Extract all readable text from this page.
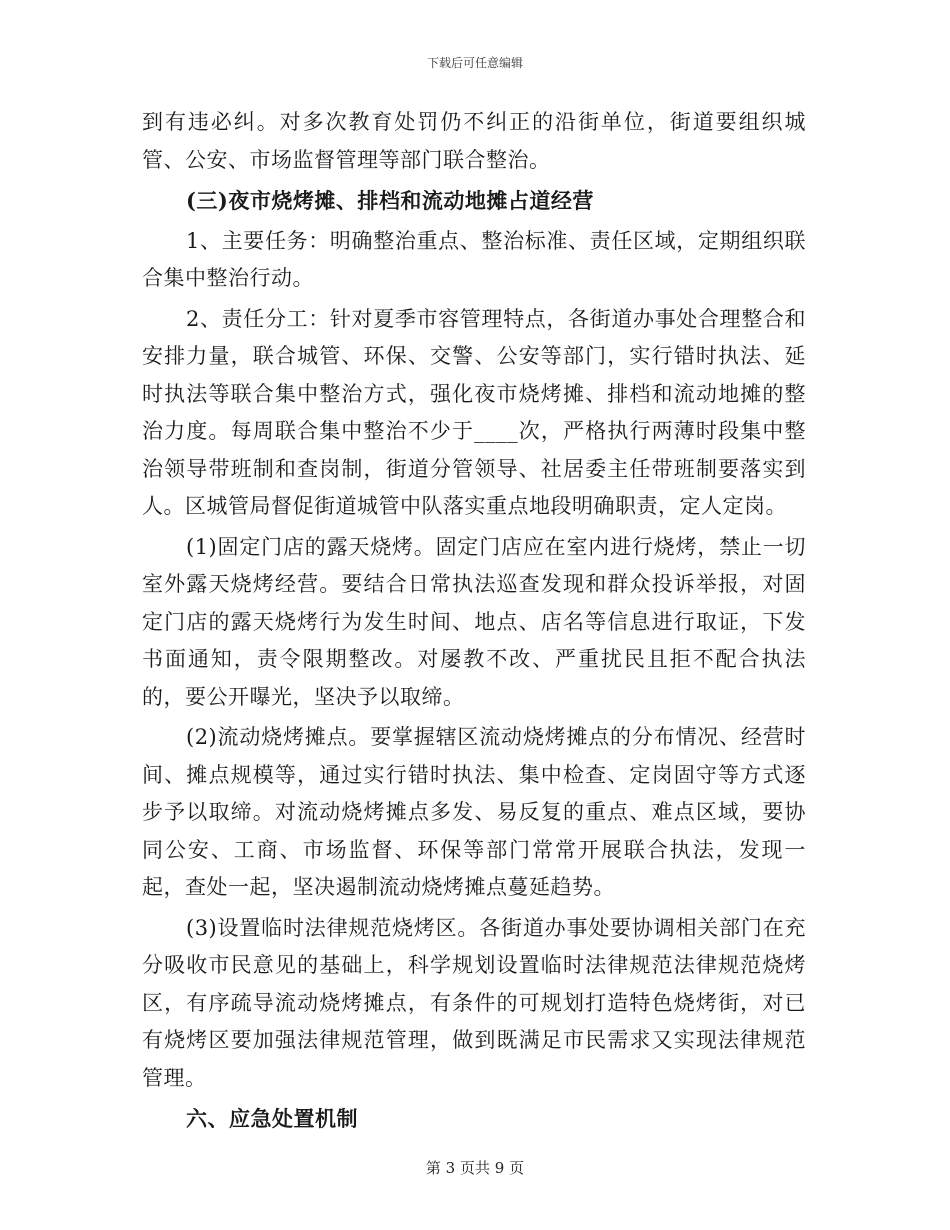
下载后可任意编辑

到有违必纠。对多次教育处罚仍不纠正的沿街单位，街道要组织城管、公安、市场监督管理等部门联合整治。

(三)夜市烧烤摊、排档和流动地摊占道经营

1、主要任务：明确整治重点、整治标准、责任区域，定期组织联合集中整治行动。

2、责任分工：针对夏季市容管理特点，各街道办事处合理整合和安排力量，联合城管、环保、交警、公安等部门，实行错时执法、延时执法等联合集中整治方式，强化夜市烧烤摊、排档和流动地摊的整治力度。每周联合集中整治不少于____次，严格执行两薄时段集中整治领导带班制和查岗制，街道分管领导、社居委主任带班制要落实到人。区城管局督促街道城管中队落实重点地段明确职责，定人定岗。

(1)固定门店的露天烧烤。固定门店应在室内进行烧烤，禁止一切室外露天烧烤经营。要结合日常执法巡查发现和群众投诉举报，对固定门店的露天烧烤行为发生时间、地点、店名等信息进行取证，下发书面通知，责令限期整改。对屡教不改、严重扰民且拒不配合执法的，要公开曝光，坚决予以取缔。

(2)流动烧烤摊点。要掌握辖区流动烧烤摊点的分布情况、经营时间、摊点规模等，通过实行错时执法、集中检查、定岗固守等方式逐步予以取缔。对流动烧烤摊点多发、易反复的重点、难点区域，要协同公安、工商、市场监督、环保等部门常常开展联合执法，发现一起，查处一起，坚决遏制流动烧烤摊点蔓延趋势。

(3)设置临时法律规范烧烤区。各街道办事处要协调相关部门在充分吸收市民意见的基础上，科学规划设置临时法律规范法律规范烧烤区，有序疏导流动烧烤摊点，有条件的可规划打造特色烧烤街，对已有烧烤区要加强法律规范管理，做到既满足市民需求又实现法律规范管理。

六、应急处置机制

第 3 页共 9 页
